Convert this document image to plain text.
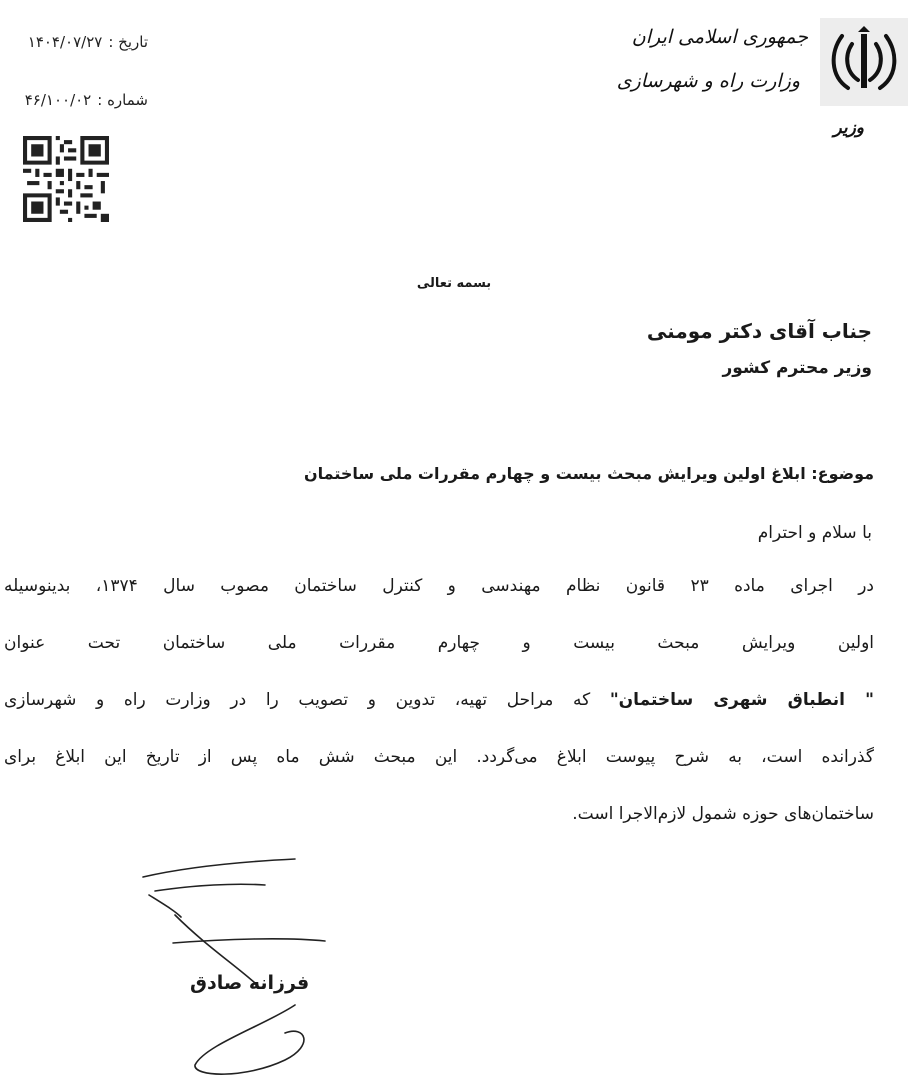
تاریخ :۱۴۰۴/۰۷/۲۷
شماره :۴۶/۱۰۰/۰۲
جمهوری اسلامی ایران
وزارت راه و شهرسازی
وزیر
بسمه تعالی
جناب آقای دکتر مومنی
وزیر محترم کشور
موضوع: ابلاغ اولین ویرایش مبحث بیست و چهارم مقررات ملی ساختمان
با سلام و احترام
در اجرای ماده ۲۳ قانون نظام مهندسی و کنترل ساختمان مصوب سال ۱۳۷۴، بدینوسیله
اولین ویرایش مبحث بیست و چهارم مقررات ملی ساختمان تحت عنوان
" انطباق شهری ساختمان" که مراحل تهیه، تدوین و تصویب را در وزارت راه و شهرسازی
گذرانده است، به شرح پیوست ابلاغ می‌گردد. این مبحث شش ماه پس از تاریخ این ابلاغ برای
ساختمان‌های حوزه شمول لازم‌الاجرا است.
فرزانه صادق
